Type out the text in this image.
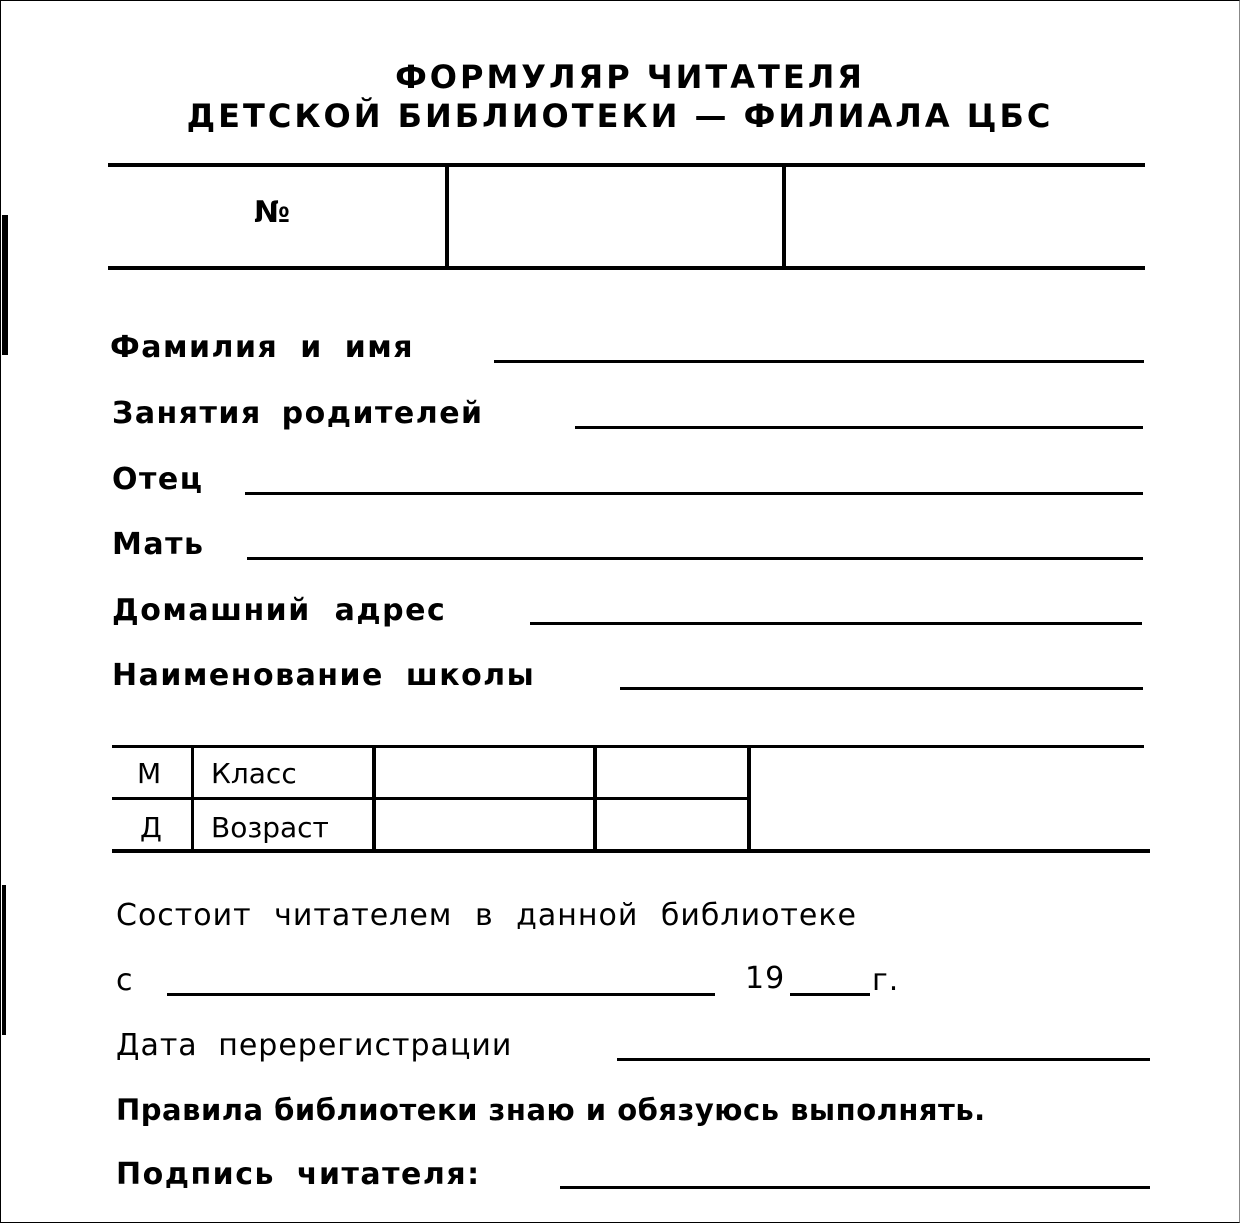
ФОРМУЛЯР ЧИТАТЕЛЯ
ДЕТСКОЙ БИБЛИОТЕКИ — ФИЛИАЛА ЦБС
№
Фамилия и имя
Занятия родителей
Отец
Мать
Домашний адрес
Наименование школы
М Класс
Д Возраст
Состоит читателем в данной библиотеке
с	19	г.
Дата перерегистрации
Правила библиотеки знаю и обязуюсь выполнять.
Подпись читателя:
